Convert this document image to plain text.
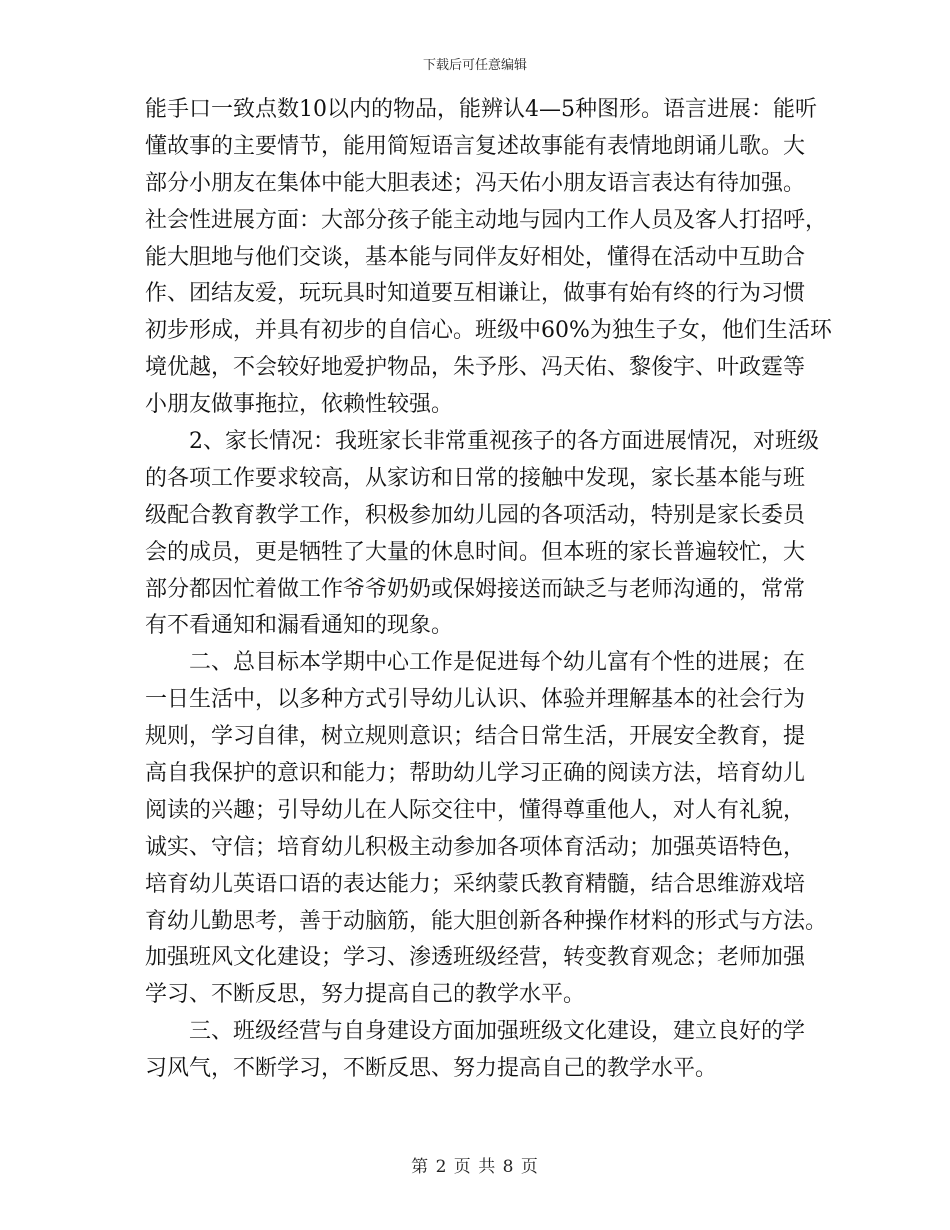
下载后可任意编辑
能手口一致点数10以内的物品，能辨认4—5种图形。语言进展：能听
懂故事的主要情节，能用简短语言复述故事能有表情地朗诵儿歌。大
部分小朋友在集体中能大胆表述；冯天佑小朋友语言表达有待加强。
社会性进展方面：大部分孩子能主动地与园内工作人员及客人打招呼，
能大胆地与他们交谈，基本能与同伴友好相处，懂得在活动中互助合
作、团结友爱，玩玩具时知道要互相谦让，做事有始有终的行为习惯
初步形成，并具有初步的自信心。班级中60%为独生子女，他们生活环
境优越，不会较好地爱护物品，朱予彤、冯天佑、黎俊宇、叶政霆等
小朋友做事拖拉，依赖性较强。
2、家长情况：我班家长非常重视孩子的各方面进展情况，对班级
的各项工作要求较高，从家访和日常的接触中发现，家长基本能与班
级配合教育教学工作，积极参加幼儿园的各项活动，特别是家长委员
会的成员，更是牺牲了大量的休息时间。但本班的家长普遍较忙，大
部分都因忙着做工作爷爷奶奶或保姆接送而缺乏与老师沟通的，常常
有不看通知和漏看通知的现象。
二、总目标本学期中心工作是促进每个幼儿富有个性的进展；在
一日生活中，以多种方式引导幼儿认识、体验并理解基本的社会行为
规则，学习自律，树立规则意识；结合日常生活，开展安全教育，提
高自我保护的意识和能力；帮助幼儿学习正确的阅读方法，培育幼儿
阅读的兴趣；引导幼儿在人际交往中，懂得尊重他人，对人有礼貌，
诚实、守信；培育幼儿积极主动参加各项体育活动；加强英语特色，
培育幼儿英语口语的表达能力；采纳蒙氏教育精髓，结合思维游戏培
育幼儿勤思考，善于动脑筋，能大胆创新各种操作材料的形式与方法。
加强班风文化建设；学习、渗透班级经营，转变教育观念；老师加强
学习、不断反思，努力提高自己的教学水平。
三、班级经营与自身建设方面加强班级文化建设，建立良好的学
习风气，不断学习，不断反思、努力提高自己的教学水平。
第 2 页 共 8 页
